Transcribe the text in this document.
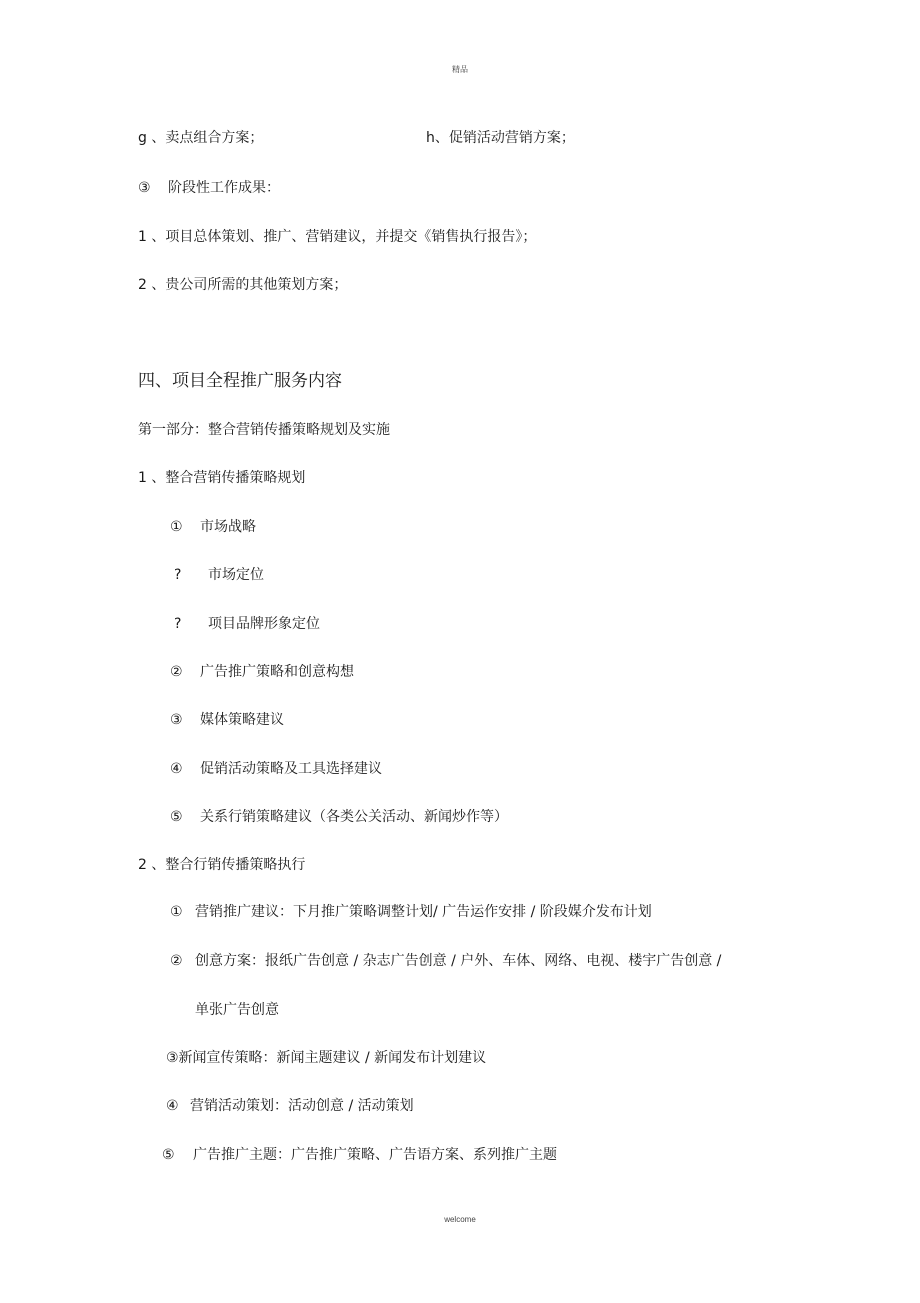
精品
g 、卖点组合方案；	h、促销活动营销方案；
③ 阶段性工作成果：
1 、项目总体策划、推广、营销建议，并提交《销售执行报告》；
2 、贵公司所需的其他策划方案；
四、项目全程推广服务内容
第一部分：整合营销传播策略规划及实施
1 、整合营销传播策略规划
① 市场战略
? 市场定位
? 项目品牌形象定位
② 广告推广策略和创意构想
③ 媒体策略建议
④ 促销活动策略及工具选择建议
⑤ 关系行销策略建议（各类公关活动、新闻炒作等）
2 、整合行销传播策略执行
① 营销推广建议：下月推广策略调整计划/ 广告运作安排 / 阶段媒介发布计划
② 创意方案：报纸广告创意 / 杂志广告创意 / 户外、车体、网络、电视、楼宇广告创意 /
单张广告创意
③新闻宣传策略：新闻主题建议 / 新闻发布计划建议
④ 营销活动策划：活动创意 / 活动策划
⑤ 广告推广主题：广告推广策略、广告语方案、系列推广主题
welcome
